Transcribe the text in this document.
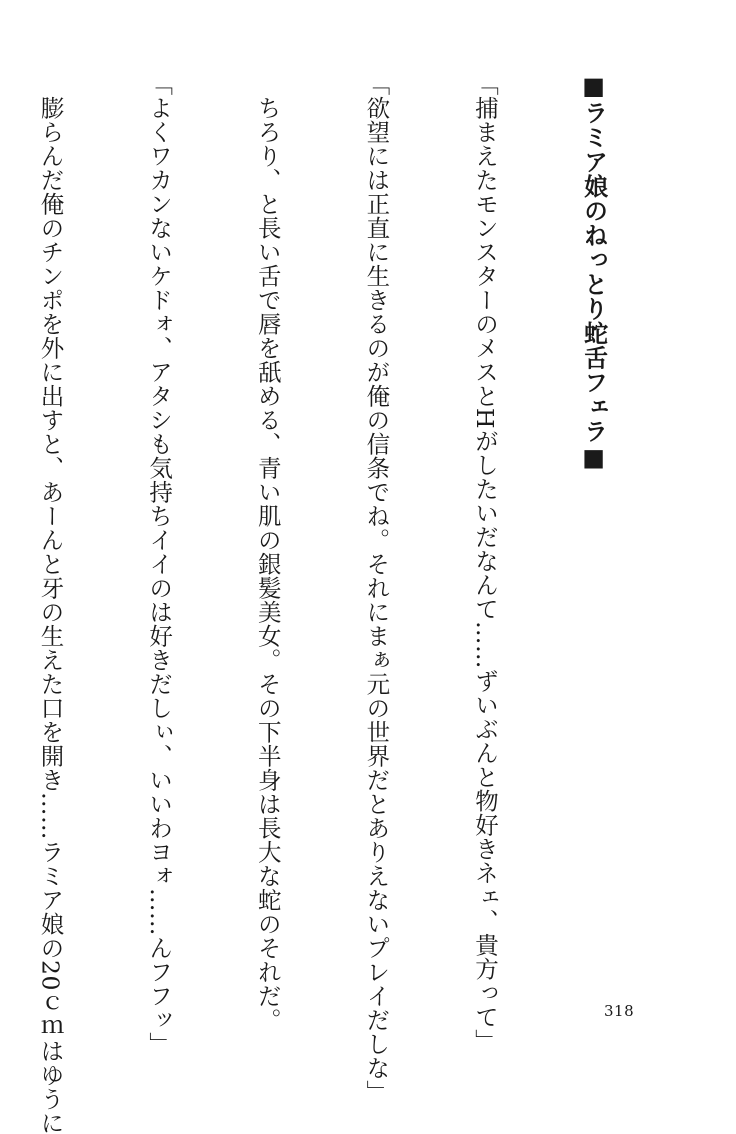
■ラミア娘のねっとり蛇舌フェラ■

「捕まえたモンスターのメスとHがしたいだなんて……ずいぶんと物好きネェ、貴方って」

「欲望には正直に生きるのが俺の信条でね。それにまぁ元の世界だとありえないプレイだしな」

ちろり、と長い舌で唇を舐める、青い肌の銀髪美女。その下半身は長大な蛇のそれだ。

「よくワカンないケドォ、アタシも気持ちイイのは好きだしぃ、いいわヨォ……んフフッ」

膨らんだ俺のチンポを外に出すと、あーんと牙の生えた口を開き……ラミア娘の20ｃｍはゆうに

	318
